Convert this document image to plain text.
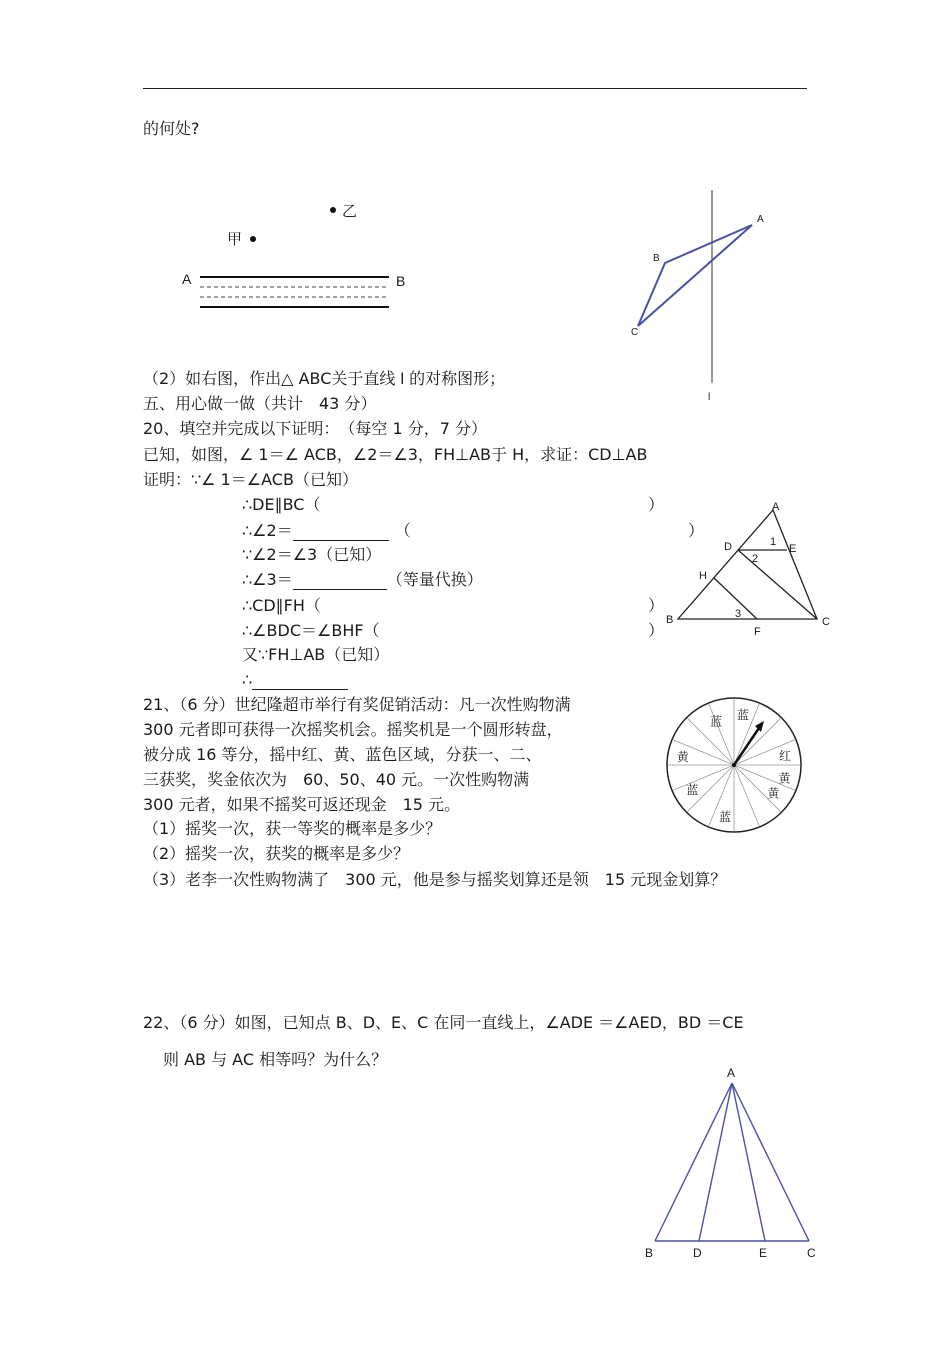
的何处?
乙
甲
A	B
A
B
C
l
（2）如右图，作出△ ABC关于直线 l 的对称图形；
五、用心做一做（共计　43 分）
20、填空并完成以下证明：　（每空 1 分，7 分）
已知，如图，∠ 1＝∠ ACB，∠2＝∠3，FH⊥AB于 H，求证：CD⊥AB
证明：∵∠ 1＝∠ACB（已知）
∴DE∥BC（	）
∴∠2＝	（	）
∵∠2＝∠3（已知）
∴∠3＝	（等量代换）
∴CD∥FH（	）
∴∠BDC＝∠BHF（	）
又∵FH⊥AB（已知）
∴
A
B	C
D	E
F
H
1
2
3
21、（6 分）世纪隆超市举行有奖促销活动：凡一次性购物满
300 元者即可获得一次摇奖机会。摇奖机是一个圆形转盘，
被分成 16 等分，摇中红、黄、蓝色区域，分获一、二、
三获奖，奖金依次为　60、50、40 元。一次性购物满
300 元者，如果不摇奖可返还现金　15 元。
（1）摇奖一次，获一等奖的概率是多少？
（2）摇奖一次，获奖的概率是多少？
（3）老李一次性购物满了　300 元，他是参与摇奖划算还是领　15 元现金划算？
蓝 蓝
红
黄
蓝
蓝
黄
黄
22、（6 分）如图，已知点 B、D、E、C 在同一直线上，∠ADE ＝∠AED，BD ＝CE
则 AB 与 AC 相等吗？为什么？
A
B	D	E	C
